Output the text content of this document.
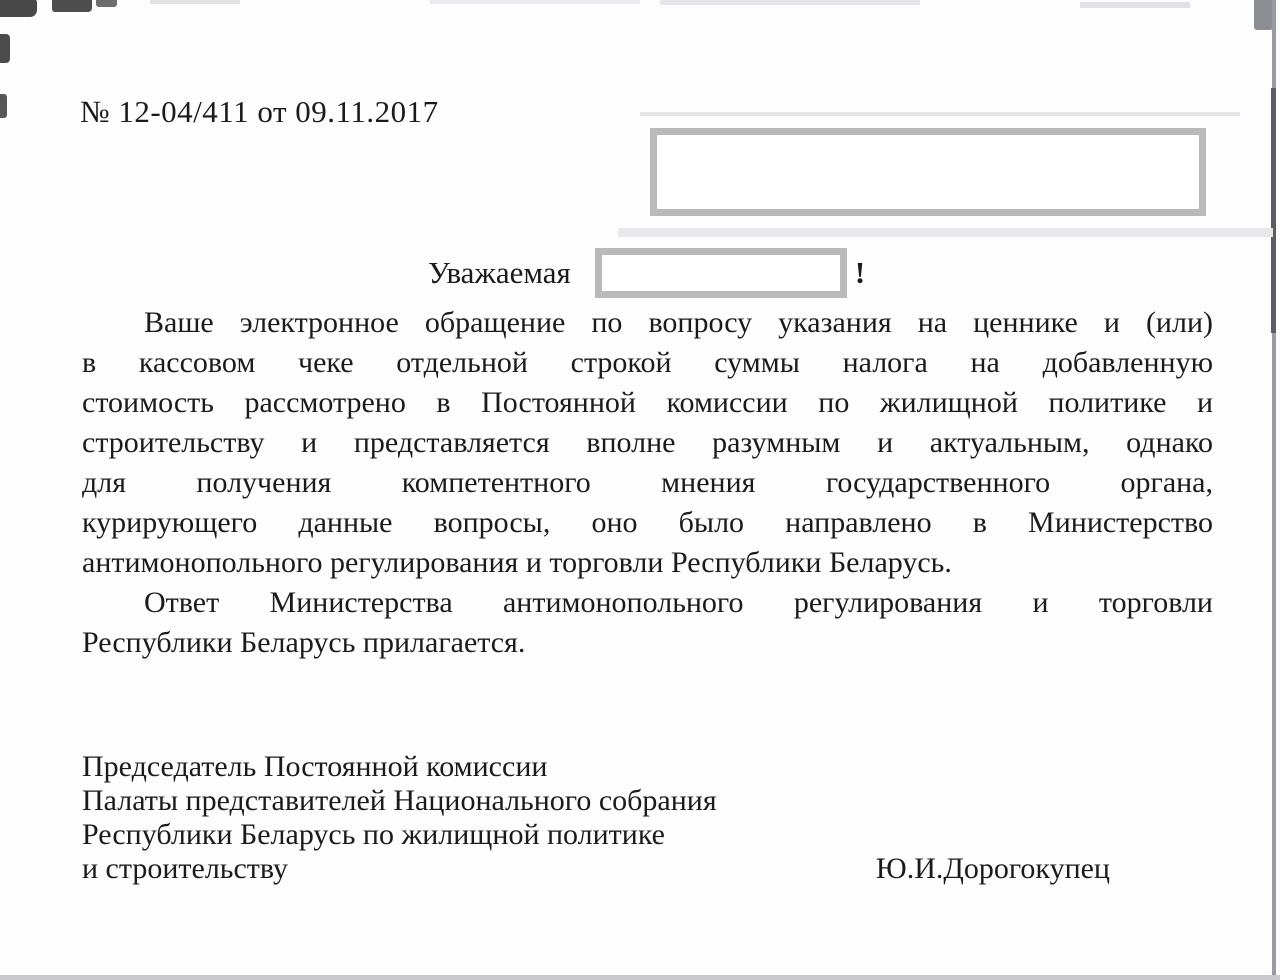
№ 12-04/411 от 09.11.2017
Уважаемая	!
Ваше электронное обращение по вопросу указания на ценнике и (или)
в кассовом чеке отдельной строкой суммы налога на добавленную
стоимость рассмотрено в Постоянной комиссии по жилищной политике и
строительству и представляется вполне разумным и актуальным, однако
для получения компетентного мнения государственного органа,
курирующего данные вопросы, оно было направлено в Министерство
антимонопольного регулирования и торговли Республики Беларусь.
Ответ Министерства антимонопольного регулирования и торговли
Республики Беларусь прилагается.
Председатель Постоянной комиссии
Палаты представителей Национального собрания
Республики Беларусь по жилищной политике
и строительству	Ю.И.Дорогокупец
